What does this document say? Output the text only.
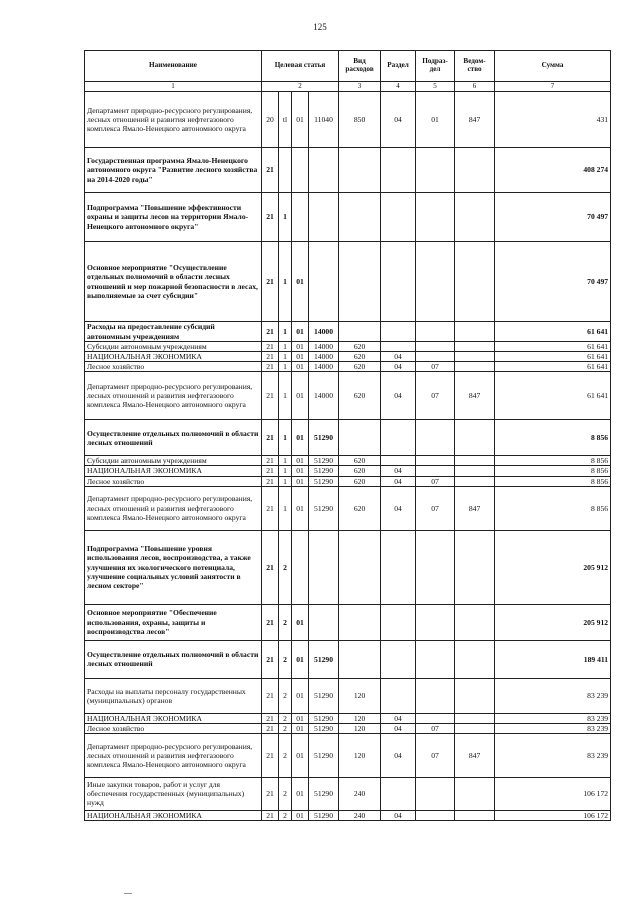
125
Наименование	Целевая статья				Вид расходов	Раздел	Подраз-дел	Ведом-ство	Сумма
1	2				3	4	5	6	7
Департамент природно-ресурсного регулирования, лесных отношений и развития нефтегазового комплекса Ямало-Ненецкого автономного округа	20	tl	01	11040	850	04	01	847	431
Государственная программа Ямало-Ненецкого автономного округа "Развитие лесного хозяйства на 2014-2020 годы"	21								408 274
Подпрограмма "Повышение эффективности охраны и защиты лесов на территории Ямало-Ненецкого автономного округа"	21	1							70 497
Основное мероприятие "Осуществление отдельных полномочий в области лесных отношений и мер пожарной безопасности в лесах, выполняемые за счет субсидии"	21	1	01						70 497
Расходы на предоставление субсидий автономным учреждениям	21	1	01	14000					61 641
Субсидии автономным учреждениям	21	1	01	14000	620				61 641
НАЦИОНАЛЬНАЯ ЭКОНОМИКА	21	1	01	14000	620	04			61 641
Лесное хозяйство	21	1	01	14000	620	04	07		61 641
Департамент природно-ресурсного регулирования, лесных отношений и развития нефтегазового комплекса Ямало-Ненецкого автономного округа	21	1	01	14000	620	04	07	847	61 641
Осуществление отдельных полномочий в области лесных отношений	21	1	01	51290					8 856
Субсидии автономным учреждениям	21	1	01	51290	620				8 856
НАЦИОНАЛЬНАЯ ЭКОНОМИКА	21	1	01	51290	620	04			8 856
Лесное хозяйство	21	1	01	51290	620	04	07		8 856
Департамент природно-ресурсного регулирования, лесных отношений и развития нефтегазового комплекса Ямало-Ненецкого автономного округа	21	1	01	51290	620	04	07	847	8 856
Подпрограмма "Повышение уровня использования лесов, воспроизводства, а также улучшения их экологического потенциала, улучшение социальных условий занятости в лесном секторе"	21	2							205 912
Основное мероприятие "Обеспечение использования, охраны, защиты и воспроизводства лесов"	21	2	01						205 912
Осуществление отдельных полномочий в области лесных отношений	21	2	01	51290					189 411
Расходы на выплаты персоналу государственных (муниципальных) органов	21	2	01	51290	120				83 239
НАЦИОНАЛЬНАЯ ЭКОНОМИКА	21	2	01	51290	120	04			83 239
Лесное хозяйство	21	2	01	51290	120	04	07		83 239
Департамент природно-ресурсного регулирования, лесных отношений и развития нефтегазового комплекса Ямало-Ненецкого автономного округа	21	2	01	51290	120	04	07	847	83 239
Иные закупки товаров, работ и услуг для обеспечения государственных (муниципальных) нужд	21	2	01	51290	240				106 172
НАЦИОНАЛЬНАЯ ЭКОНОМИКА	21	2	01	51290	240	04			106 172
